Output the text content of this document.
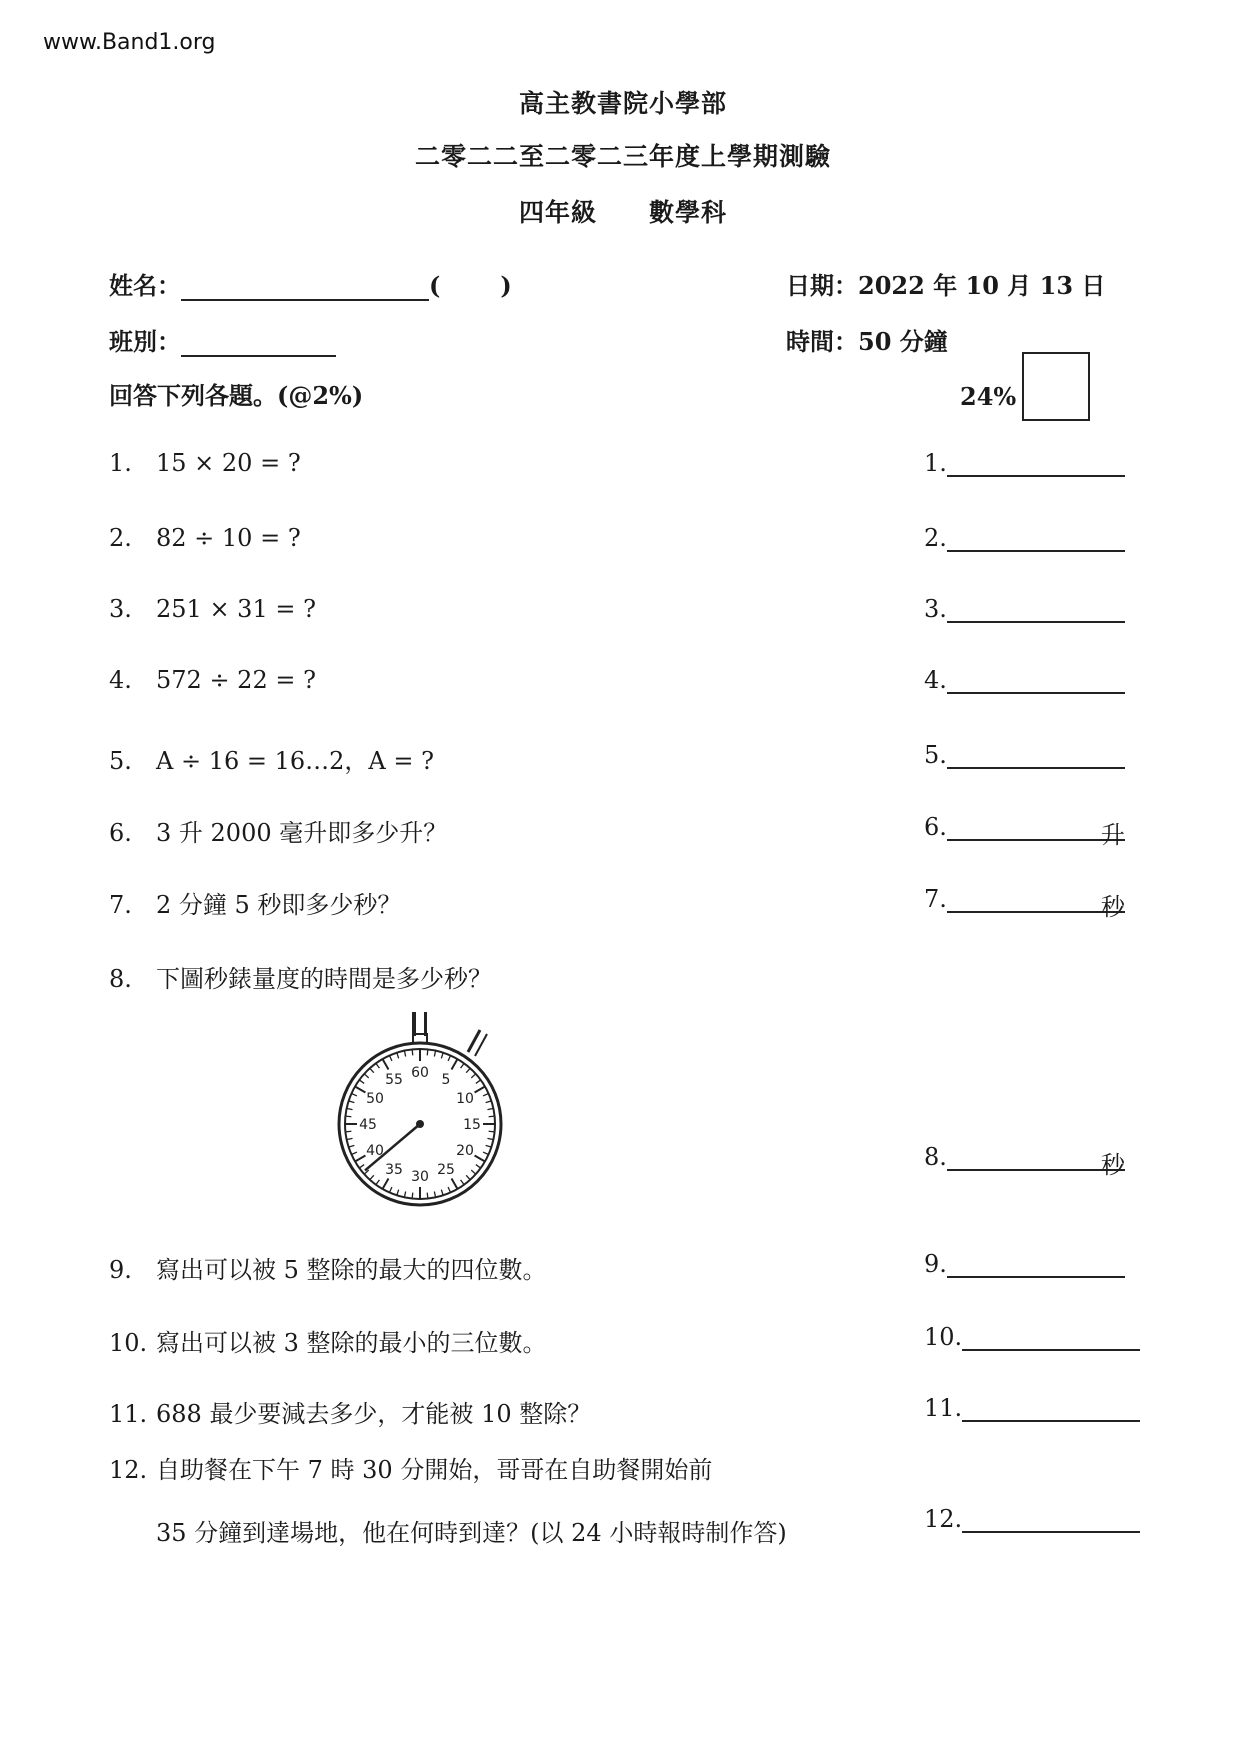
www.Band1.org
高主教書院小學部
二零二二至二零二三年度上學期測驗
四年級　　數學科
姓名：	(	)	日期：2022 年 10 月 13 日
班別：	時間：50 分鐘
回答下列各題。(@2%)	24%
1. 15 × 20 = ?	1.
2. 82 ÷ 10 = ?	2.
3. 251 × 31 = ?	3.
4. 572 ÷ 22 = ?	4.
5. A ÷ 16 = 16…2，A = ?	5.
6. 3 升 2000 毫升即多少升？	6.	升
7. 2 分鐘 5 秒即多少秒？	7.	秒
8. 下圖秒錶量度的時間是多少秒？
8.	秒
9. 寫出可以被 5 整除的最大的四位數。	9.
10. 寫出可以被 3 整除的最小的三位數。	10.
11. 688 最少要減去多少，才能被 10 整除？	11.
12. 自助餐在下午 7 時 30 分開始，哥哥在自助餐開始前
35 分鐘到達場地，他在何時到達？(以 24 小時報時制作答)	12.
60 5
10
15
20
25
30
35
40
45
50
55
